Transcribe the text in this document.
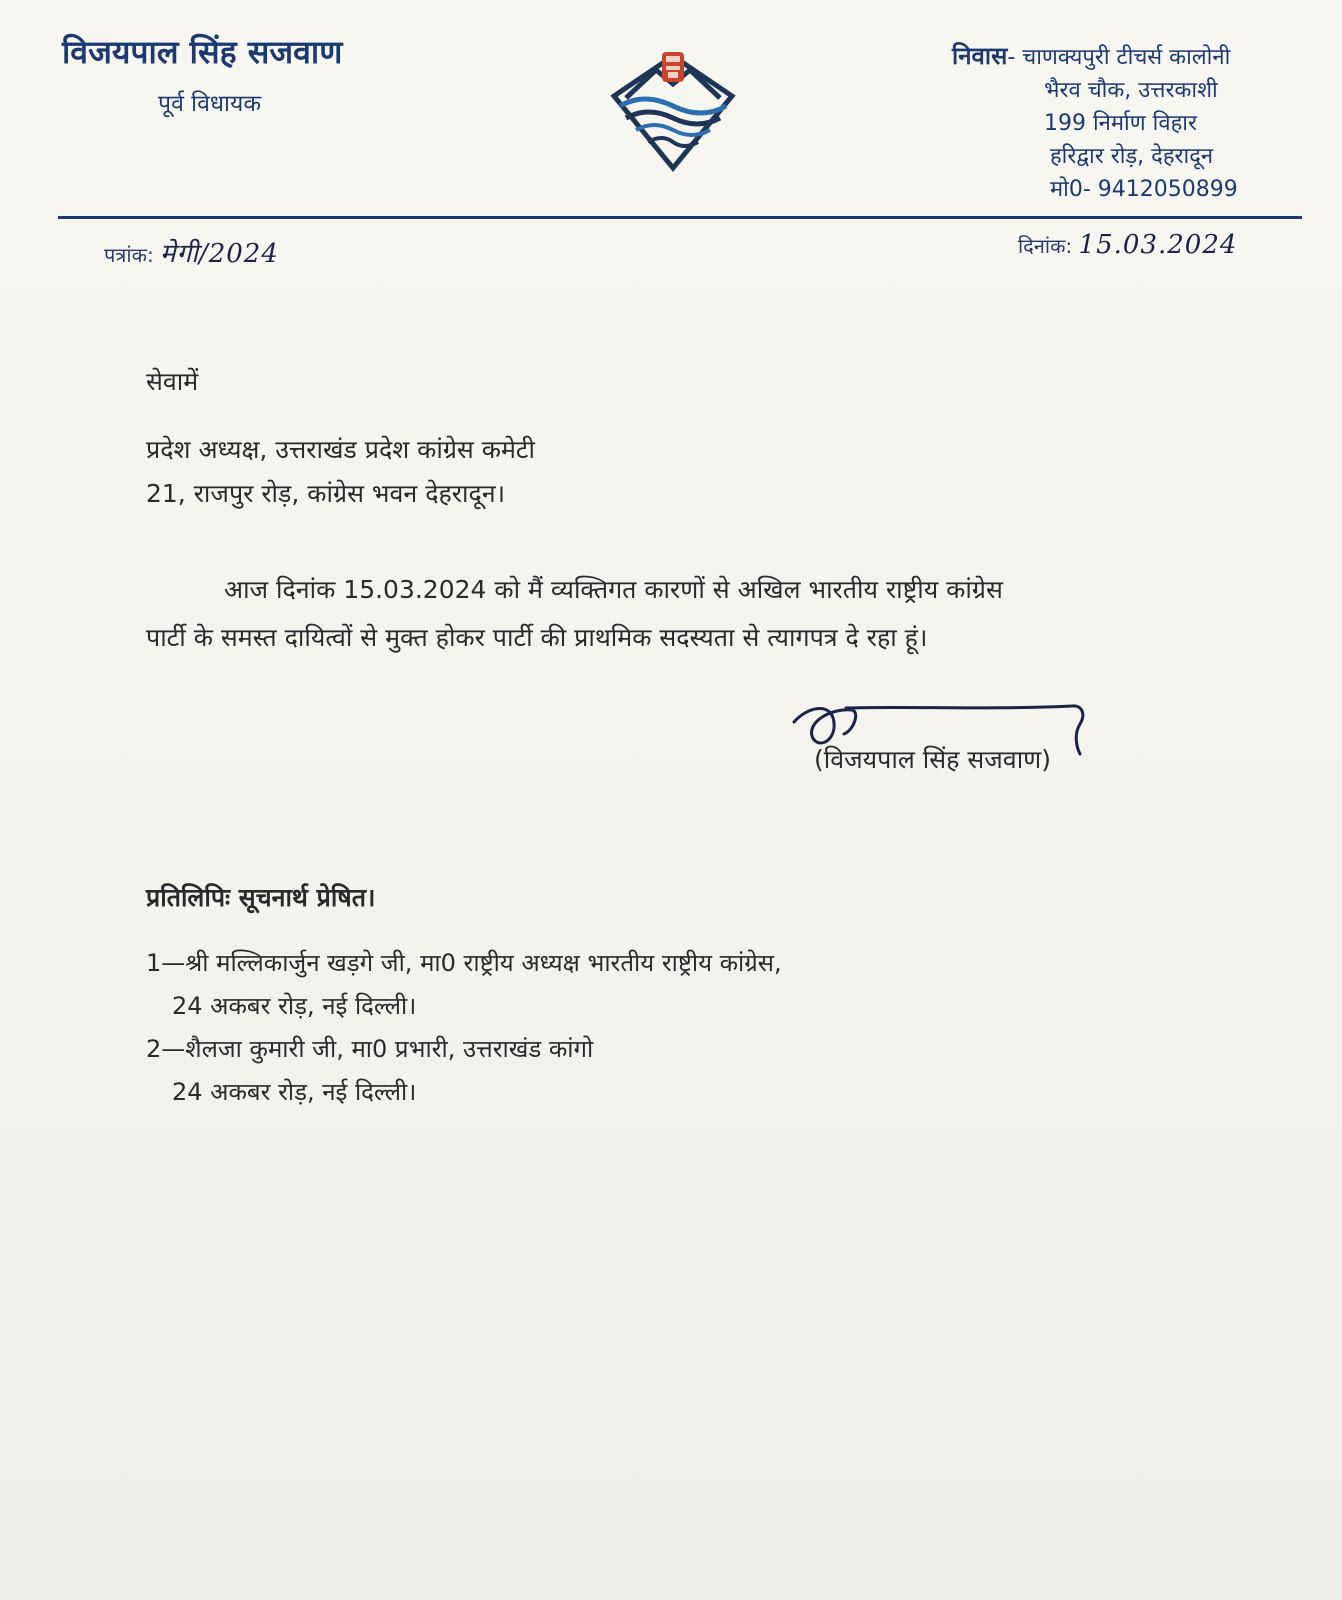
विजयपाल सिंह सजवाण
पूर्व विधायक
निवास- चाणक्यपुरी टीचर्स कालोनी
भैरव चौक, उत्तरकाशी
199 निर्माण विहार
हरिद्वार रोड़, देहरादून
मो0- 9412050899
पत्रांक: मेगी/2024	दिनांक: 15.03.2024
सेवामें
प्रदेश अध्यक्ष, उत्तराखंड प्रदेश कांग्रेस कमेटी
21, राजपुर रोड़, कांग्रेस भवन देहरादून।
आज दिनांक 15.03.2024 को मैं व्यक्तिगत कारणों से अखिल भारतीय राष्ट्रीय कांग्रेस
पार्टी के समस्त दायित्वों से मुक्त होकर पार्टी की प्राथमिक सदस्यता से त्यागपत्र दे रहा हूं।
(विजयपाल सिंह सजवाण)
प्रतिलिपिः सूचनार्थ प्रेषित।
1—श्री मल्लिकार्जुन खड़गे जी, मा0 राष्ट्रीय अध्यक्ष भारतीय राष्ट्रीय कांग्रेस,
24 अकबर रोड़, नई दिल्ली।
2—शैलजा कुमारी जी, मा0 प्रभारी, उत्तराखंड कांगो
24 अकबर रोड़, नई दिल्ली।
